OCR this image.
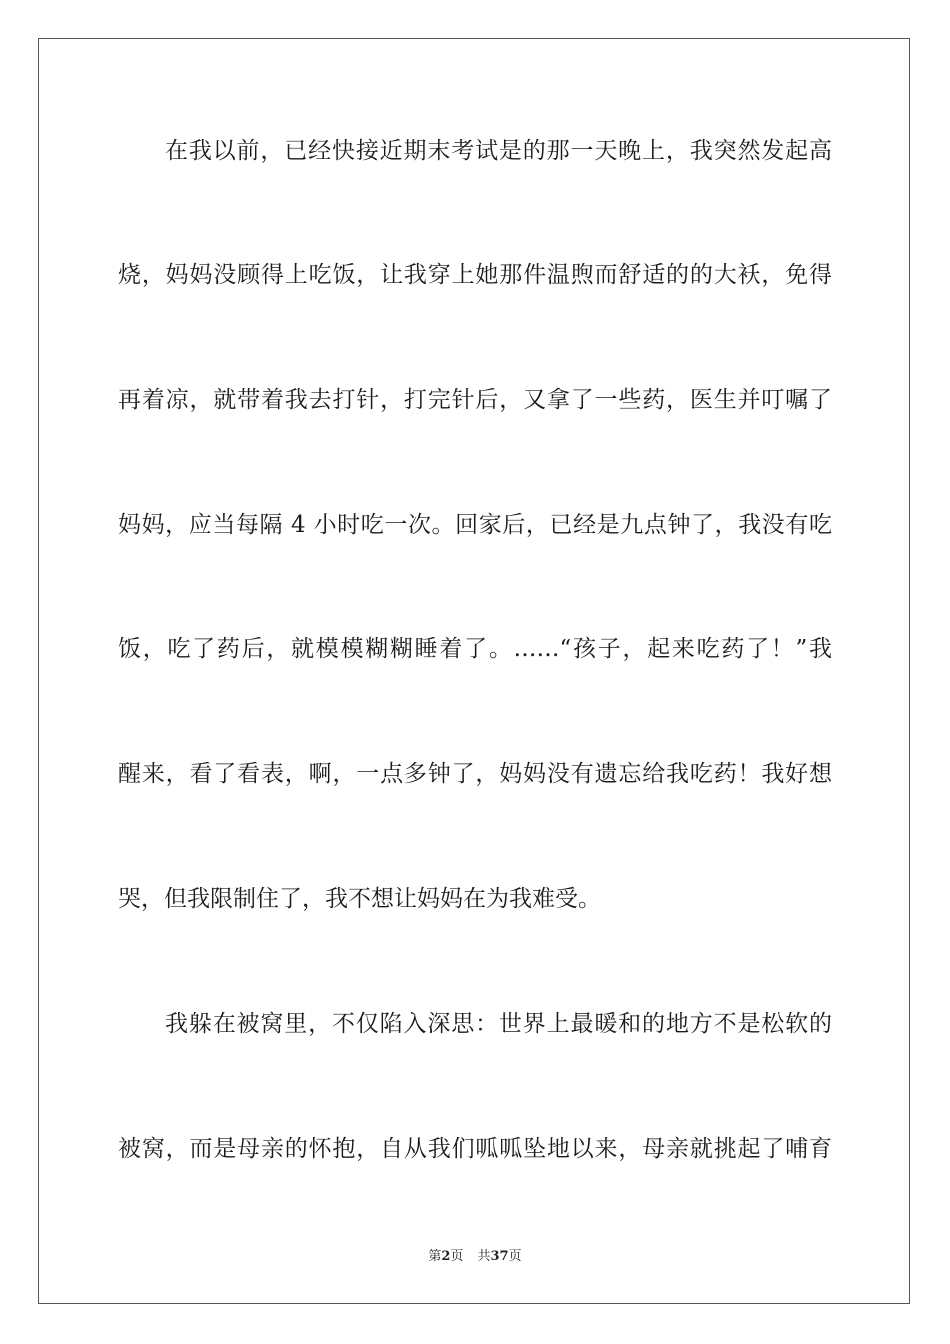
在我以前，已经快接近期末考试是的那一天晚上，我突然发起高
烧，妈妈没顾得上吃饭，让我穿上她那件温煦而舒适的的大袄，免得
再着凉，就带着我去打针，打完针后，又拿了一些药，医生并叮嘱了
妈妈，应当每隔 4 小时吃一次。回家后，已经是九点钟了，我没有吃
饭，吃了药后，就模模糊糊睡着了。……“孩子，起来吃药了！”我
醒来，看了看表，啊，一点多钟了，妈妈没有遗忘给我吃药！我好想
哭，但我限制住了，我不想让妈妈在为我难受。
我躲在被窝里，不仅陷入深思：世界上最暖和的地方不是松软的
被窝，而是母亲的怀抱，自从我们呱呱坠地以来，母亲就挑起了哺育
第2页 共37页
